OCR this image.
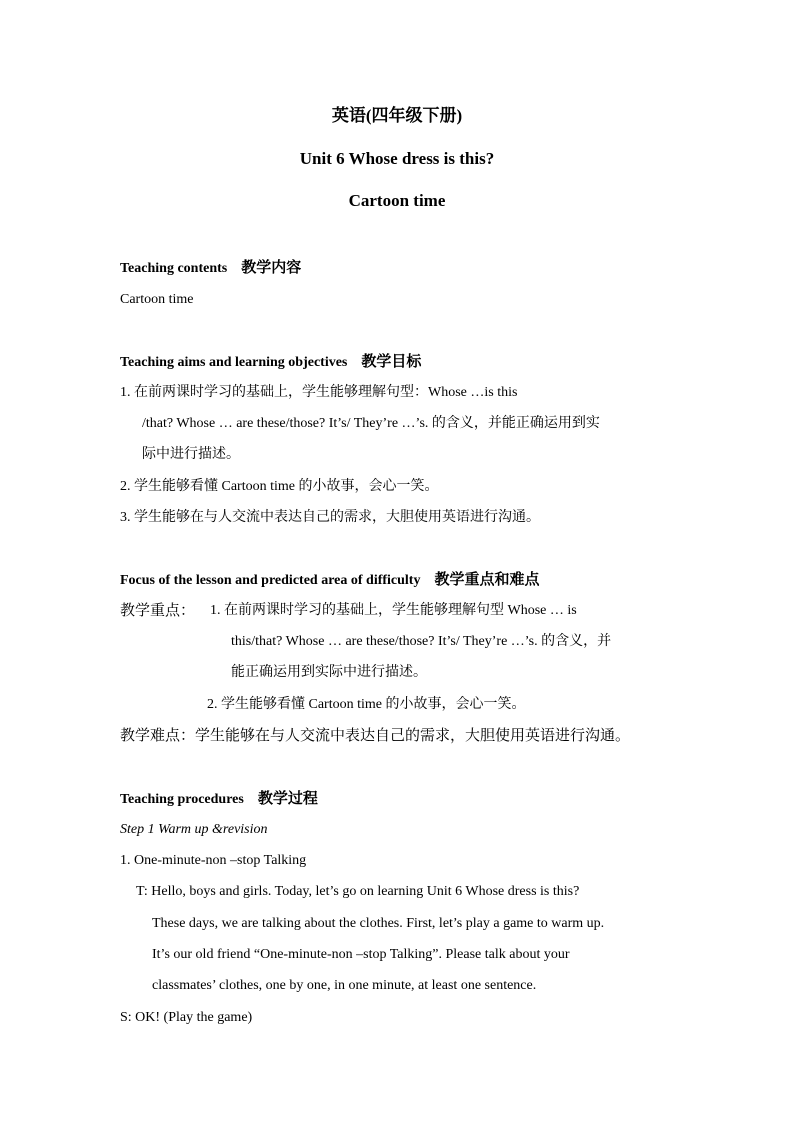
英语(四年级下册)
Unit 6 Whose dress is this?
Cartoon time
Teaching contents 教学内容
Cartoon time
Teaching aims and learning objectives 教学目标
1. 在前两课时学习的基础上，学生能够理解句型：Whose …is this
/that? Whose … are these/those? It’s/ They’re …’s. 的含义，并能正确运用到实
际中进行描述。
2. 学生能够看懂 Cartoon time 的小故事，会心一笑。
3. 学生能够在与人交流中表达自己的需求，大胆使用英语进行沟通。
Focus of the lesson and predicted area of difficulty 教学重点和难点
教学重点： 1. 在前两课时学习的基础上，学生能够理解句型 Whose … is
this/that? Whose … are these/those? It’s/ They’re …’s. 的含义，并
能正确运用到实际中进行描述。
2. 学生能够看懂 Cartoon time 的小故事，会心一笑。
教学难点：学生能够在与人交流中表达自己的需求，大胆使用英语进行沟通。
Teaching procedures 教学过程
Step 1 Warm up &revision
1. One-minute-non –stop Talking
T: Hello, boys and girls. Today, let’s go on learning Unit 6 Whose dress is this?
These days, we are talking about the clothes. First, let’s play a game to warm up.
It’s our old friend “One-minute-non –stop Talking”. Please talk about your
classmates’ clothes, one by one, in one minute, at least one sentence.
S: OK! (Play the game)
